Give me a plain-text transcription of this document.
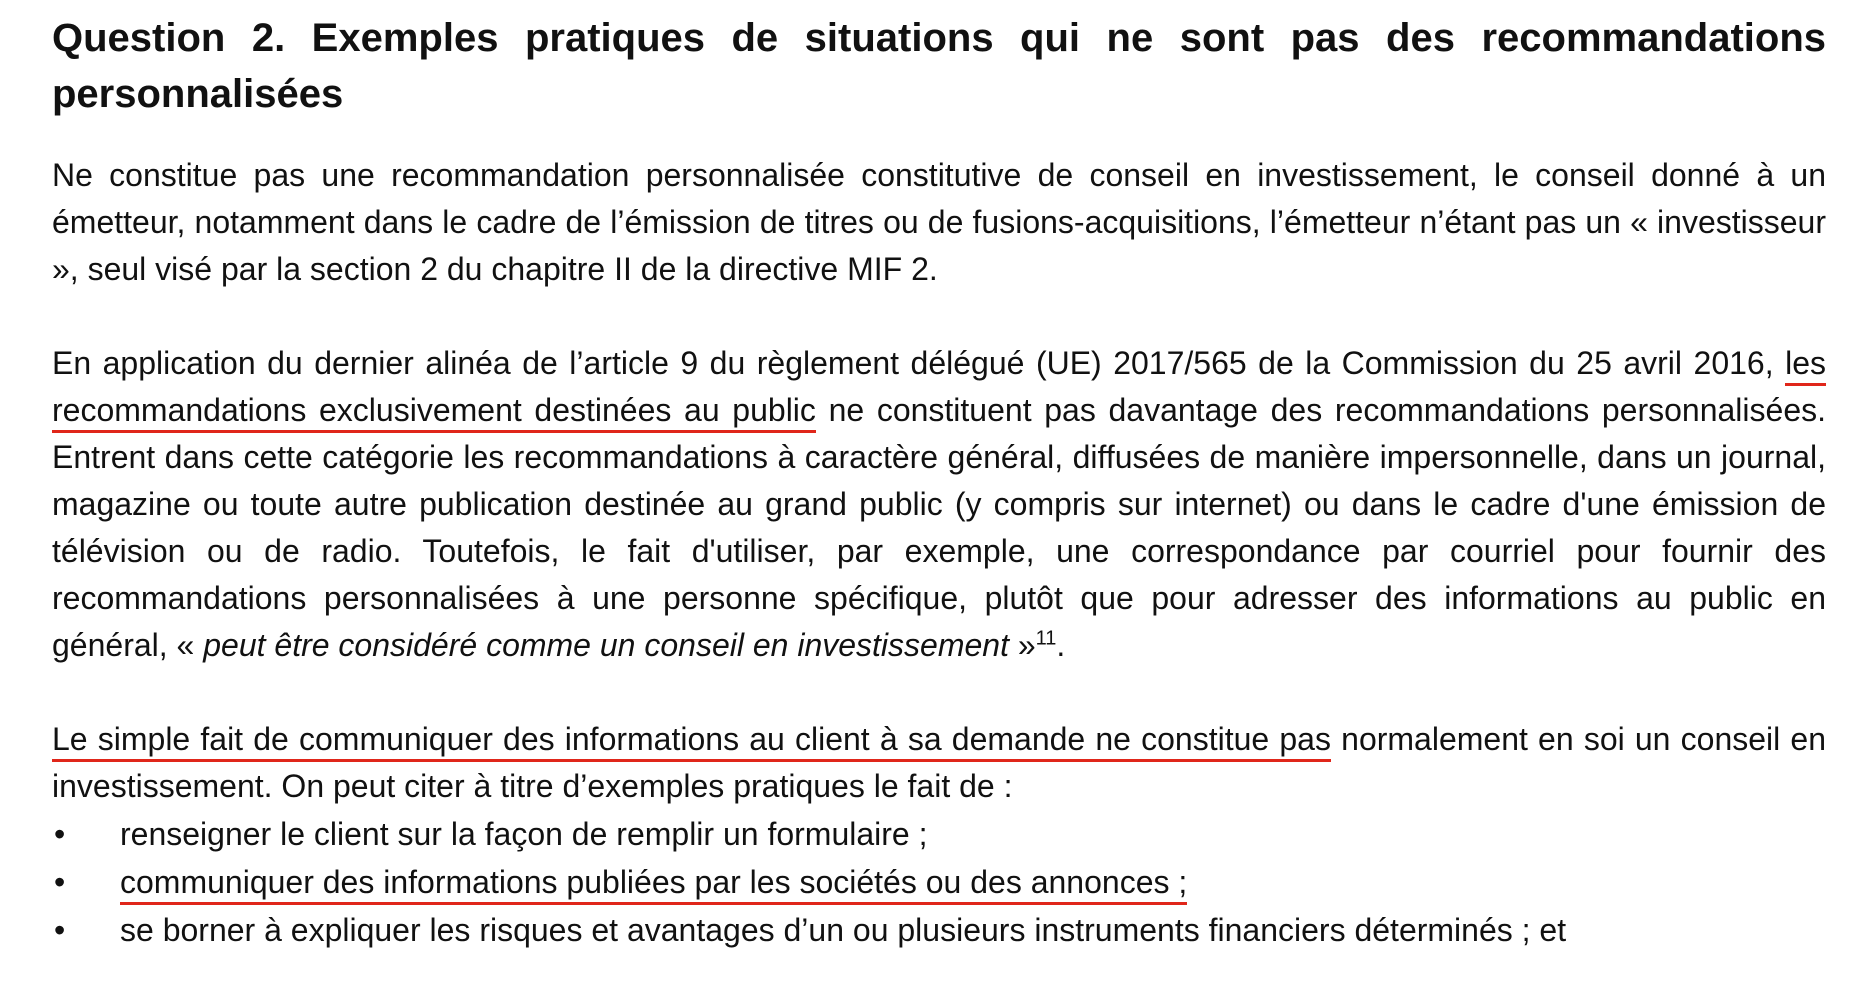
Question 2. Exemples pratiques de situations qui ne sont pas des recommandations personnalisées

Ne constitue pas une recommandation personnalisée constitutive de conseil en investissement, le conseil donné à un émetteur, notamment dans le cadre de l’émission de titres ou de fusions-acquisitions, l’émetteur n’étant pas un « investisseur », seul visé par la section 2 du chapitre II de la directive MIF 2.

En application du dernier alinéa de l’article 9 du règlement délégué (UE) 2017/565 de la Commission du 25 avril 2016, les recommandations exclusivement destinées au public ne constituent pas davantage des recommandations personnalisées. Entrent dans cette catégorie les recommandations à caractère général, diffusées de manière impersonnelle, dans un journal, magazine ou toute autre publication destinée au grand public (y compris sur internet) ou dans le cadre d'une émission de télévision ou de radio. Toutefois, le fait d'utiliser, par exemple, une correspondance par courriel pour fournir des recommandations personnalisées à une personne spécifique, plutôt que pour adresser des informations au public en général, « peut être considéré comme un conseil en investissement »$^{11}$.

Le simple fait de communiquer des informations au client à sa demande ne constitue pas normalement en soi un conseil en investissement. On peut citer à titre d’exemples pratiques le fait de :

•	renseigner le client sur la façon de remplir un formulaire ;
•	communiquer des informations publiées par les sociétés ou des annonces ;
•	se borner à expliquer les risques et avantages d’un ou plusieurs instruments financiers déterminés ; et
